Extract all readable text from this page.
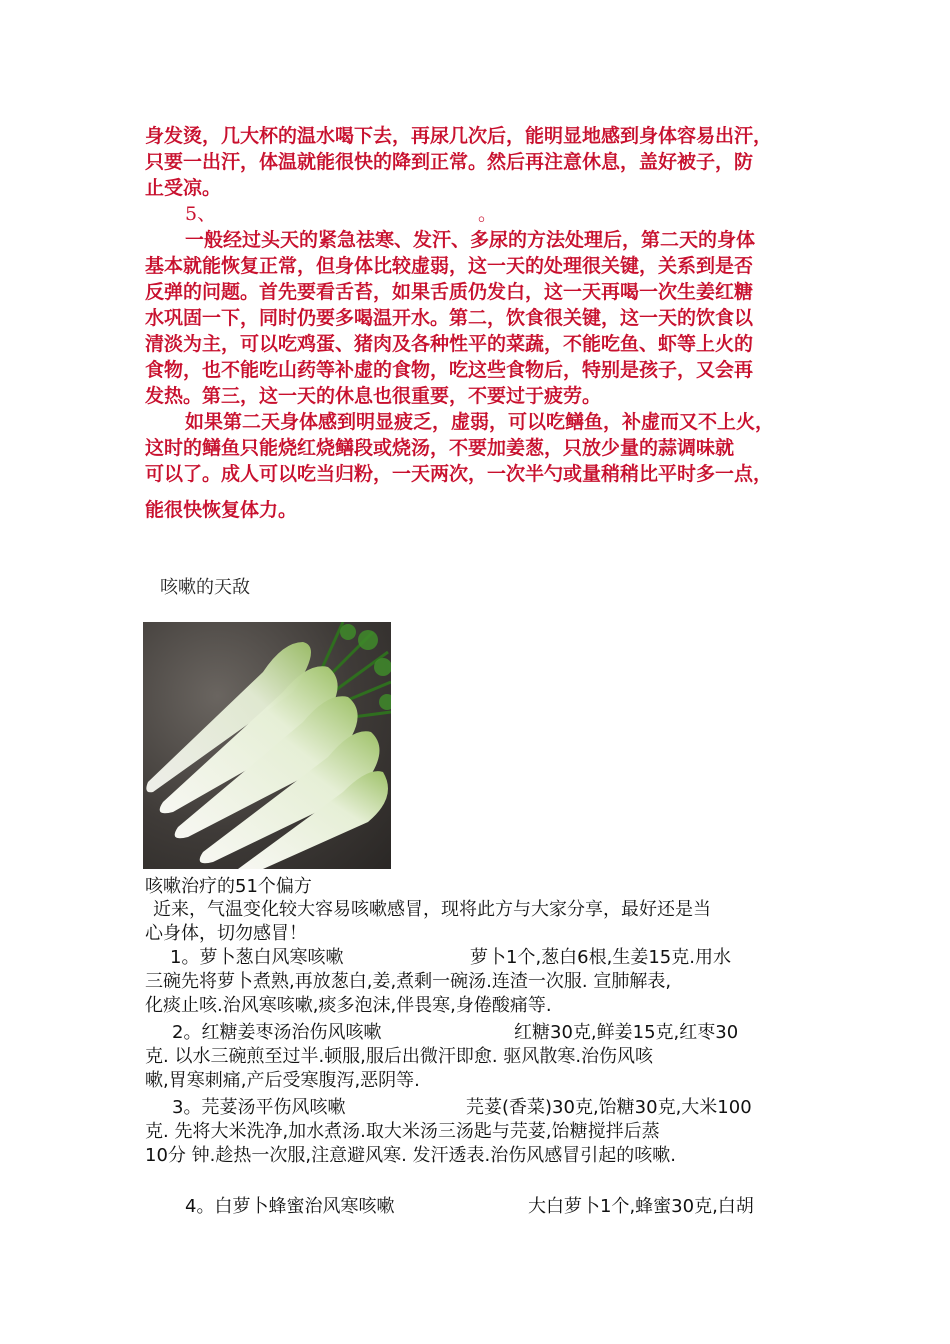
身发烫，几大杯的温水喝下去，再尿几次后，能明显地感到身体容易出汗，
只要一出汗，体温就能很快的降到正常。然后再注意休息，盖好被子，防
止受凉。
5、	。
一般经过头天的紧急祛寒、发汗、多尿的方法处理后，第二天的身体
基本就能恢复正常，但身体比较虚弱，这一天的处理很关键，关系到是否
反弹的问题。首先要看舌苔，如果舌质仍发白，这一天再喝一次生姜红糖
水巩固一下，同时仍要多喝温开水。第二，饮食很关键，这一天的饮食以
清淡为主，可以吃鸡蛋、猪肉及各种性平的菜蔬，不能吃鱼、虾等上火的
食物，也不能吃山药等补虚的食物，吃这些食物后，特别是孩子，又会再
发热。第三，这一天的休息也很重要，不要过于疲劳。
如果第二天身体感到明显疲乏，虚弱，可以吃鳝鱼，补虚而又不上火，
这时的鳝鱼只能烧红烧鳝段或烧汤，不要加姜葱，只放少量的蒜调味就
可以了。成人可以吃当归粉，一天两次，一次半勺或量稍稍比平时多一点，
能很快恢复体力。
咳嗽的天敌
咳嗽治疗的51个偏方
近来，气温变化较大容易咳嗽感冒，现将此方与大家分享，最好还是当
心身体，切勿感冒！
1。萝卜葱白风寒咳嗽	萝卜1个,葱白6根,生姜15克.用水
三碗先将萝卜煮熟,再放葱白,姜,煮剩一碗汤.连渣一次服. 宣肺解表,
化痰止咳.治风寒咳嗽,痰多泡沫,伴畏寒,身倦酸痛等.
2。红糖姜枣汤治伤风咳嗽	红糖30克,鲜姜15克,红枣30
克. 以水三碗煎至过半.顿服,服后出微汗即愈. 驱风散寒.治伤风咳
嗽,胃寒刺痛,产后受寒腹泻,恶阴等.
3。芫荽汤平伤风咳嗽	芫荽(香菜)30克,饴糖30克,大米100
克. 先将大米洗净,加水煮汤.取大米汤三汤匙与芫荽,饴糖搅拌后蒸
10分 钟.趁热一次服,注意避风寒. 发汗透表.治伤风感冒引起的咳嗽.
4。白萝卜蜂蜜治风寒咳嗽	大白萝卜1个,蜂蜜30克,白胡
